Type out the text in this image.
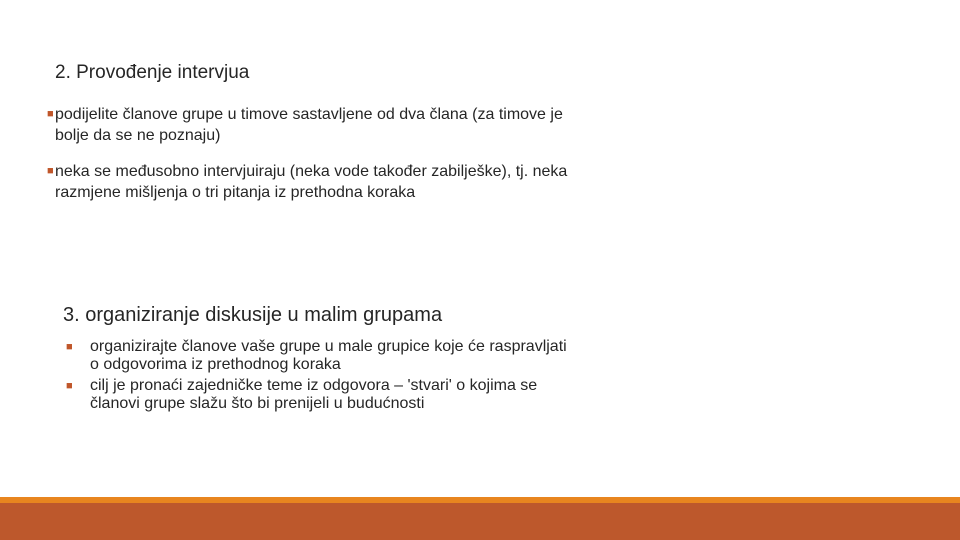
2. Provođenje intervjua
■ podijelite članove grupe u timove sastavljene od dva člana (za timove je
bolje da se ne poznaju)
■ neka se međusobno intervjuiraju (neka vode također zabilješke), tj. neka
razmjene mišljenja o tri pitanja iz prethodna koraka
3. organiziranje diskusije u malim grupama
■ organizirajte članove vaše grupe u male grupice koje će raspravljati
o odgovorima iz prethodnog koraka
■ cilj je pronaći zajedničke teme iz odgovora – 'stvari' o kojima se
članovi grupe slažu što bi prenijeli u budućnosti
